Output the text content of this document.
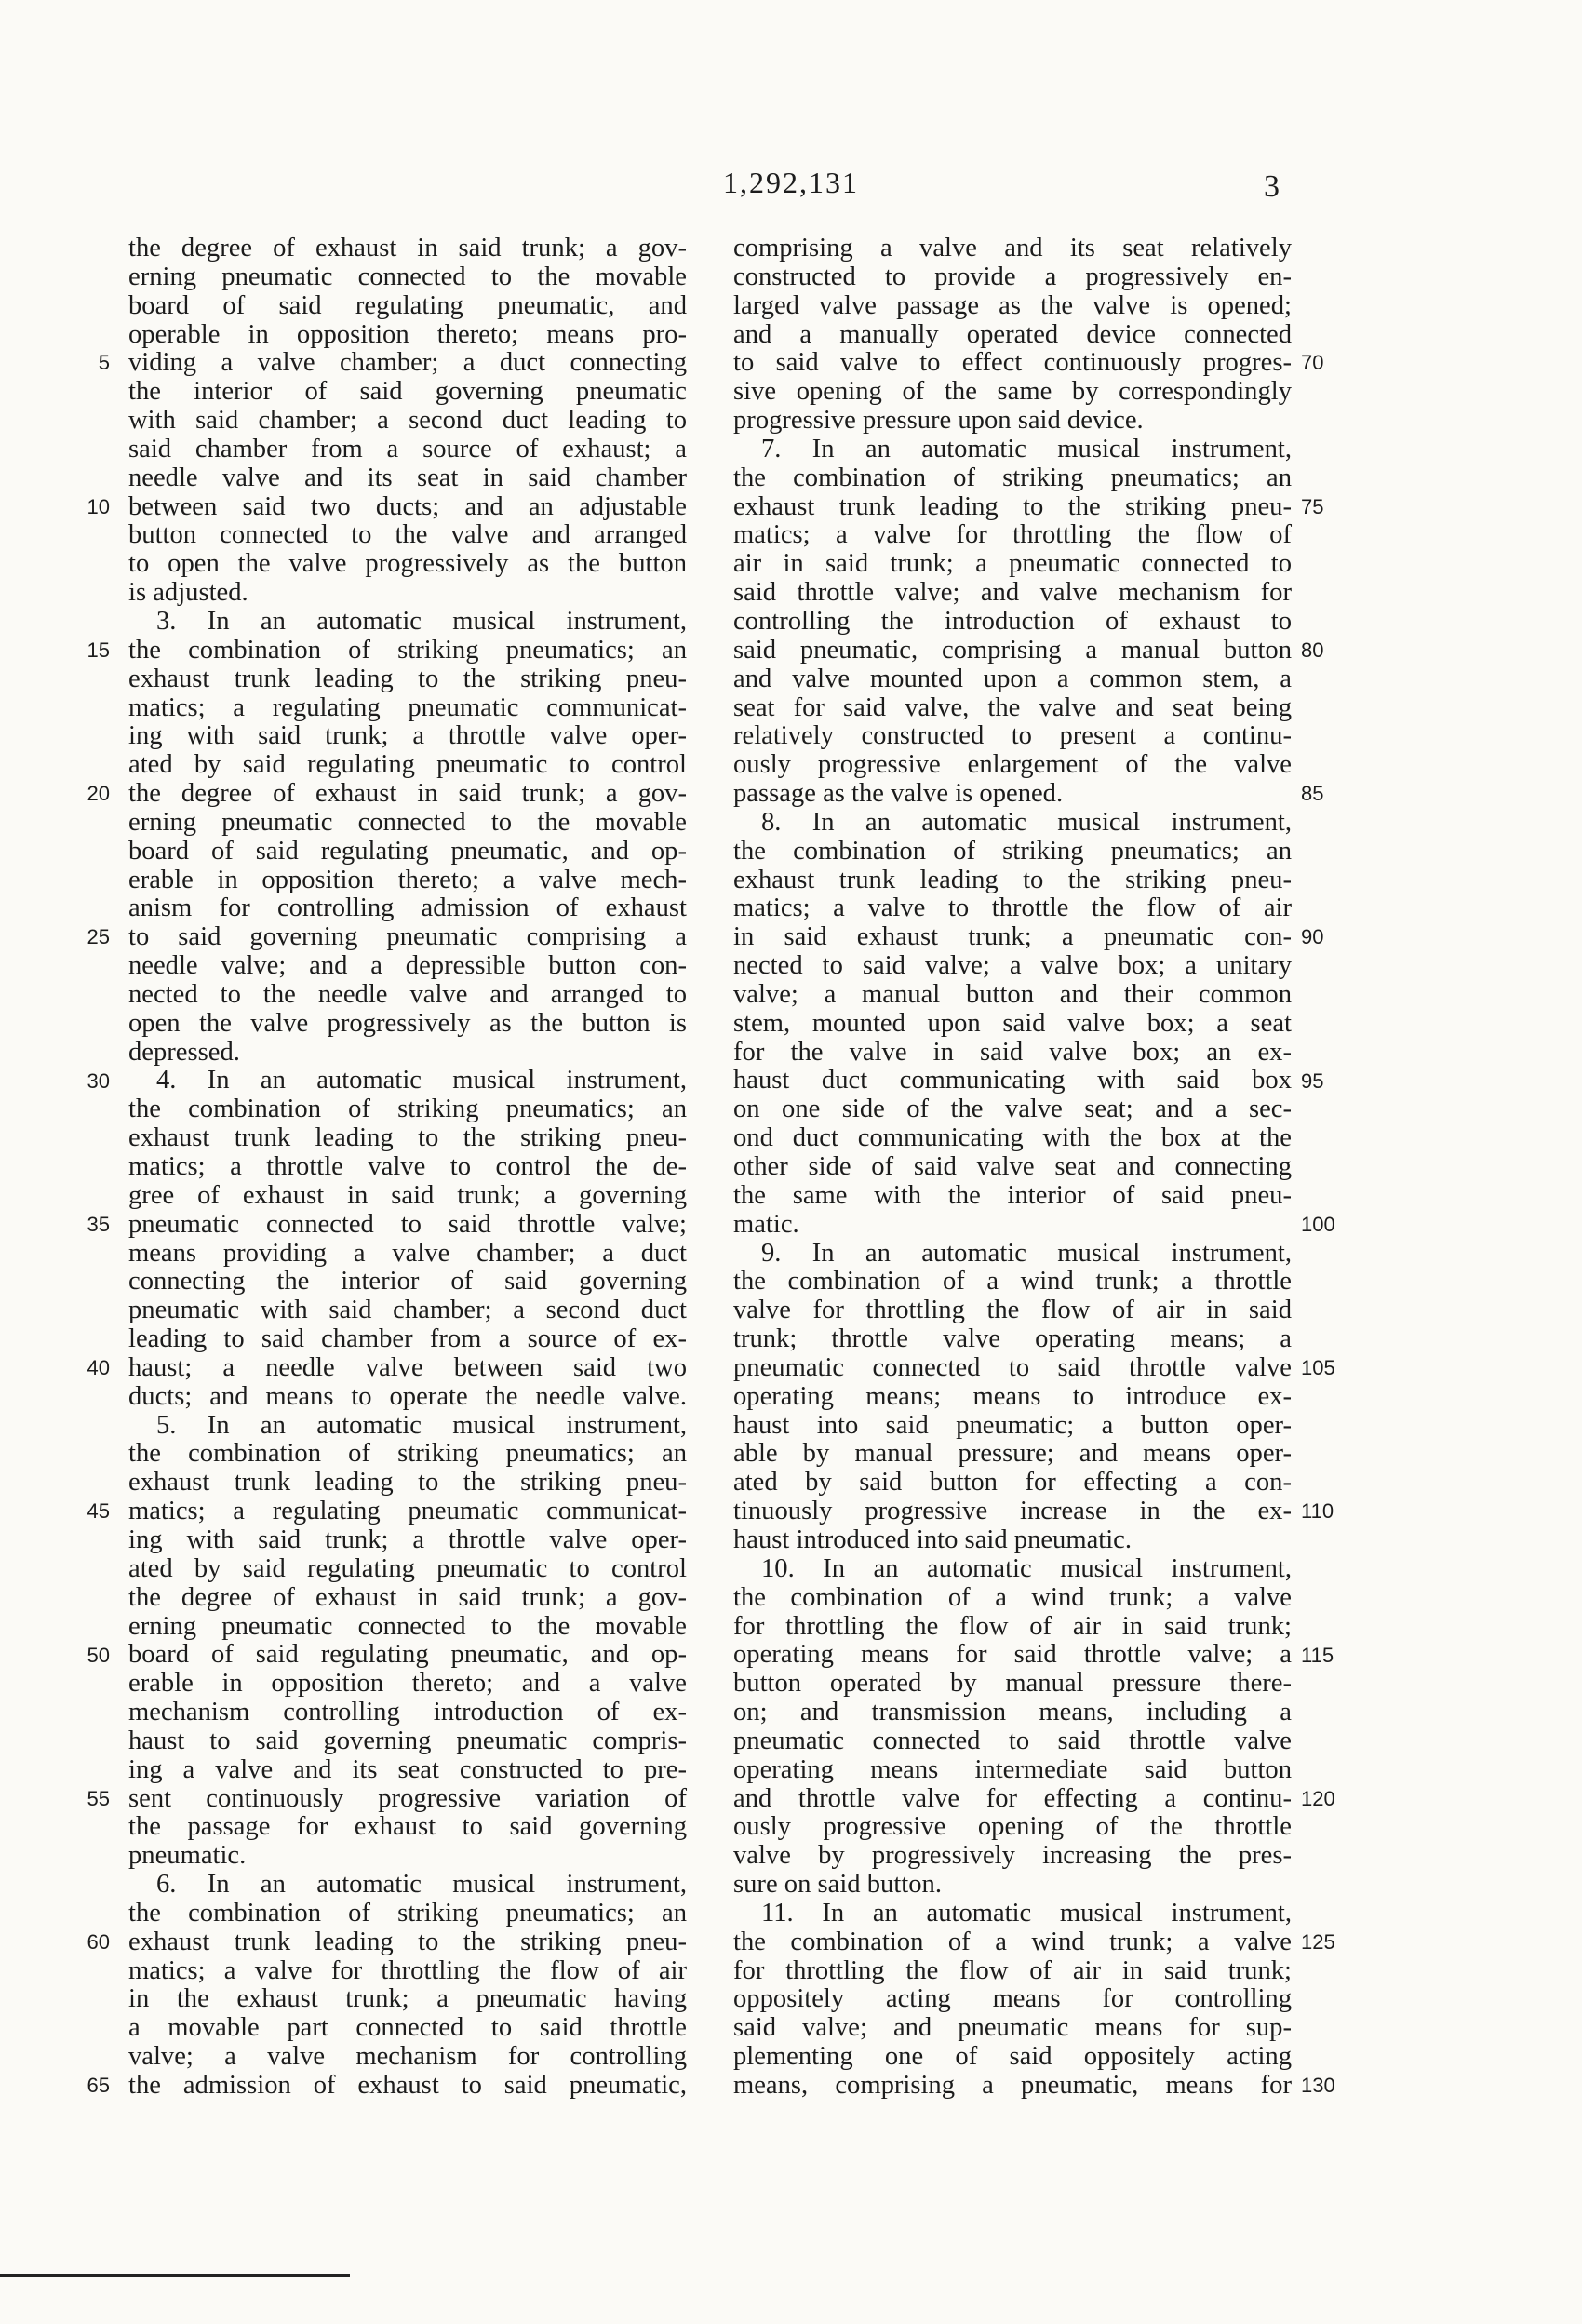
1,292,131	3
the degree of exhaust in said trunk; a gov-
erning pneumatic connected to the movable
board of said regulating pneumatic, and
operable in opposition thereto; means pro-
viding a valve chamber; a duct connecting
the interior of said governing pneumatic
with said chamber; a second duct leading to
said chamber from a source of exhaust; a
needle valve and its seat in said chamber
between said two ducts; and an adjustable
button connected to the valve and arranged
to open the valve progressively as the button
is adjusted.
3. In an automatic musical instrument,
the combination of striking pneumatics; an
exhaust trunk leading to the striking pneu-
matics; a regulating pneumatic communicat-
ing with said trunk; a throttle valve oper-
ated by said regulating pneumatic to control
the degree of exhaust in said trunk; a gov-
erning pneumatic connected to the movable
board of said regulating pneumatic, and op-
erable in opposition thereto; a valve mech-
anism for controlling admission of exhaust
to said governing pneumatic comprising a
needle valve; and a depressible button con-
nected to the needle valve and arranged to
open the valve progressively as the button is
depressed.
4. In an automatic musical instrument,
the combination of striking pneumatics; an
exhaust trunk leading to the striking pneu-
matics; a throttle valve to control the de-
gree of exhaust in said trunk; a governing
pneumatic connected to said throttle valve;
means providing a valve chamber; a duct
connecting the interior of said governing
pneumatic with said chamber; a second duct
leading to said chamber from a source of ex-
haust; a needle valve between said two
ducts; and means to operate the needle valve.
5. In an automatic musical instrument,
the combination of striking pneumatics; an
exhaust trunk leading to the striking pneu-
matics; a regulating pneumatic communicat-
ing with said trunk; a throttle valve oper-
ated by said regulating pneumatic to control
the degree of exhaust in said trunk; a gov-
erning pneumatic connected to the movable
board of said regulating pneumatic, and op-
erable in opposition thereto; and a valve
mechanism controlling introduction of ex-
haust to said governing pneumatic compris-
ing a valve and its seat constructed to pre-
sent continuously progressive variation of
the passage for exhaust to said governing
pneumatic.
6. In an automatic musical instrument,
the combination of striking pneumatics; an
exhaust trunk leading to the striking pneu-
matics; a valve for throttling the flow of air
in the exhaust trunk; a pneumatic having
a movable part connected to said throttle
valve; a valve mechanism for controlling
the admission of exhaust to said pneumatic,
comprising a valve and its seat relatively
constructed to provide a progressively en-
larged valve passage as the valve is opened;
and a manually operated device connected
to said valve to effect continuously progres-
sive opening of the same by correspondingly
progressive pressure upon said device.
7. In an automatic musical instrument,
the combination of striking pneumatics; an
exhaust trunk leading to the striking pneu-
matics; a valve for throttling the flow of
air in said trunk; a pneumatic connected to
said throttle valve; and valve mechanism for
controlling the introduction of exhaust to
said pneumatic, comprising a manual button
and valve mounted upon a common stem, a
seat for said valve, the valve and seat being
relatively constructed to present a continu-
ously progressive enlargement of the valve
passage as the valve is opened.
8. In an automatic musical instrument,
the combination of striking pneumatics; an
exhaust trunk leading to the striking pneu-
matics; a valve to throttle the flow of air
in said exhaust trunk; a pneumatic con-
nected to said valve; a valve box; a unitary
valve; a manual button and their common
stem, mounted upon said valve box; a seat
for the valve in said valve box; an ex-
haust duct communicating with said box
on one side of the valve seat; and a sec-
ond duct communicating with the box at the
other side of said valve seat and connecting
the same with the interior of said pneu-
matic.
9. In an automatic musical instrument,
the combination of a wind trunk; a throttle
valve for throttling the flow of air in said
trunk; throttle valve operating means; a
pneumatic connected to said throttle valve
operating means; means to introduce ex-
haust into said pneumatic; a button oper-
able by manual pressure; and means oper-
ated by said button for effecting a con-
tinuously progressive increase in the ex-
haust introduced into said pneumatic.
10. In an automatic musical instrument,
the combination of a wind trunk; a valve
for throttling the flow of air in said trunk;
operating means for said throttle valve; a
button operated by manual pressure there-
on; and transmission means, including a
pneumatic connected to said throttle valve
operating means intermediate said button
and throttle valve for effecting a continu-
ously progressive opening of the throttle
valve by progressively increasing the pres-
sure on said button.
11. In an automatic musical instrument,
the combination of a wind trunk; a valve
for throttling the flow of air in said trunk;
oppositely acting means for controlling
said valve; and pneumatic means for sup-
plementing one of said oppositely acting
means, comprising a pneumatic, means for
5
10
15
20
25
30
35
40
45
50
55
60
65
70
75
80
85
90
95
100
105
110
115
120
125
130
